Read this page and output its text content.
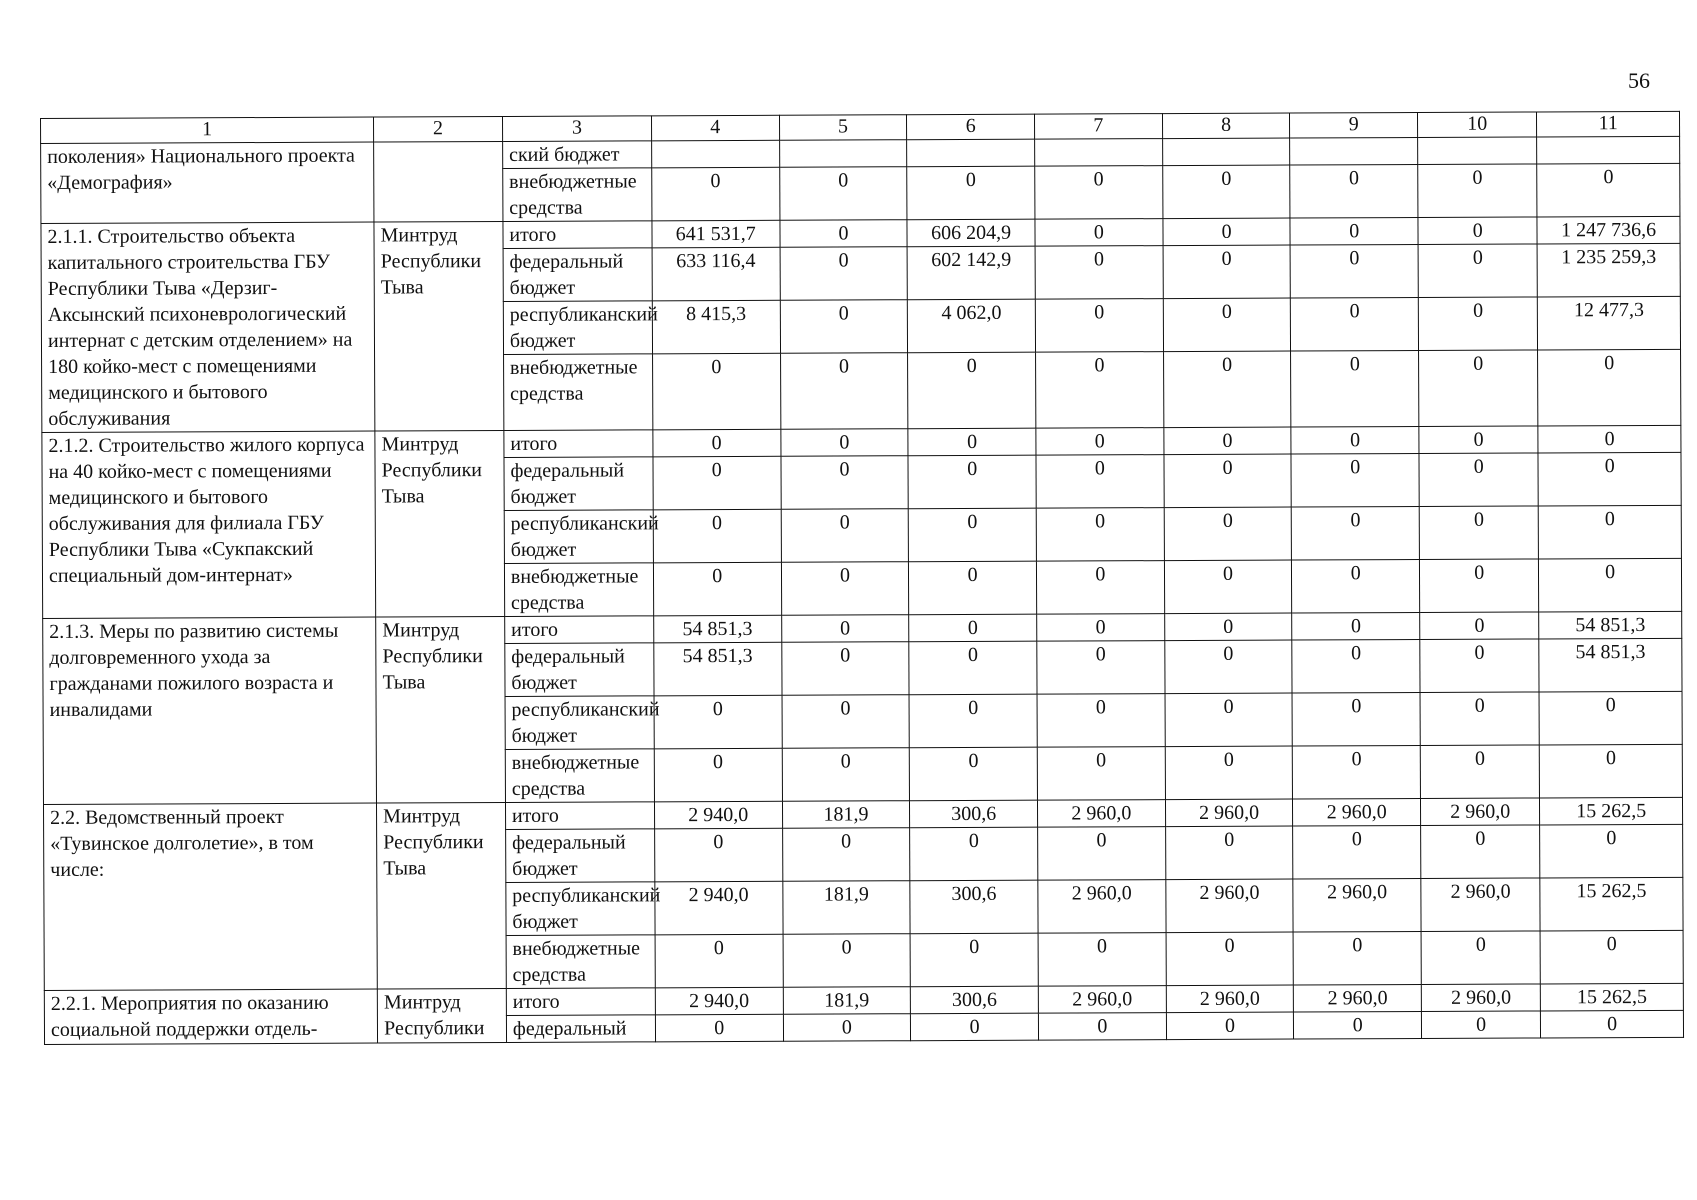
56
1	2	3	4	5	6	7	8	9	10	11
поколения» Национального проекта «Демография»		ский бюджет								
		внебюджетные средства	0	0	0	0	0	0	0	0
2.1.1. Строительство объекта капитального строительства ГБУ Республики Тыва «Дерзиг-Аксынский психоневрологический интернат с детским отделением» на 180 койко-мест с помещениями медицинского и бытового обслуживания	Минтруд Республики Тыва	итого	641 531,7	0	606 204,9	0	0	0	0	1 247 736,6
		федеральный бюджет	633 116,4	0	602 142,9	0	0	0	0	1 235 259,3
		республиканский бюджет	8 415,3	0	4 062,0	0	0	0	0	12 477,3
		внебюджетные средства	0	0	0	0	0	0	0	0
2.1.2. Строительство жилого корпуса на 40 койко-мест с помещениями медицинского и бытового обслуживания для филиала ГБУ Республики Тыва «Сукпакский специальный дом-интернат»	Минтруд Республики Тыва	итого	0	0	0	0	0	0	0	0
		федеральный бюджет	0	0	0	0	0	0	0	0
		республиканский бюджет	0	0	0	0	0	0	0	0
		внебюджетные средства	0	0	0	0	0	0	0	0
2.1.3. Меры по развитию системы долговременного ухода за гражданами пожилого возраста и инвалидами	Минтруд Республики Тыва	итого	54 851,3	0	0	0	0	0	0	54 851,3
		федеральный бюджет	54 851,3	0	0	0	0	0	0	54 851,3
		республиканский бюджет	0	0	0	0	0	0	0	0
		внебюджетные средства	0	0	0	0	0	0	0	0
2.2. Ведомственный проект «Тувинское долголетие», в том числе:	Минтруд Республики Тыва	итого	2 940,0	181,9	300,6	2 960,0	2 960,0	2 960,0	2 960,0	15 262,5
		федеральный бюджет	0	0	0	0	0	0	0	0
		республиканский бюджет	2 940,0	181,9	300,6	2 960,0	2 960,0	2 960,0	2 960,0	15 262,5
		внебюджетные средства	0	0	0	0	0	0	0	0
2.2.1. Мероприятия по оказанию социальной поддержки отдель-	Минтруд Республики	итого	2 940,0	181,9	300,6	2 960,0	2 960,0	2 960,0	2 960,0	15 262,5
		федеральный	0	0	0	0	0	0	0	0
